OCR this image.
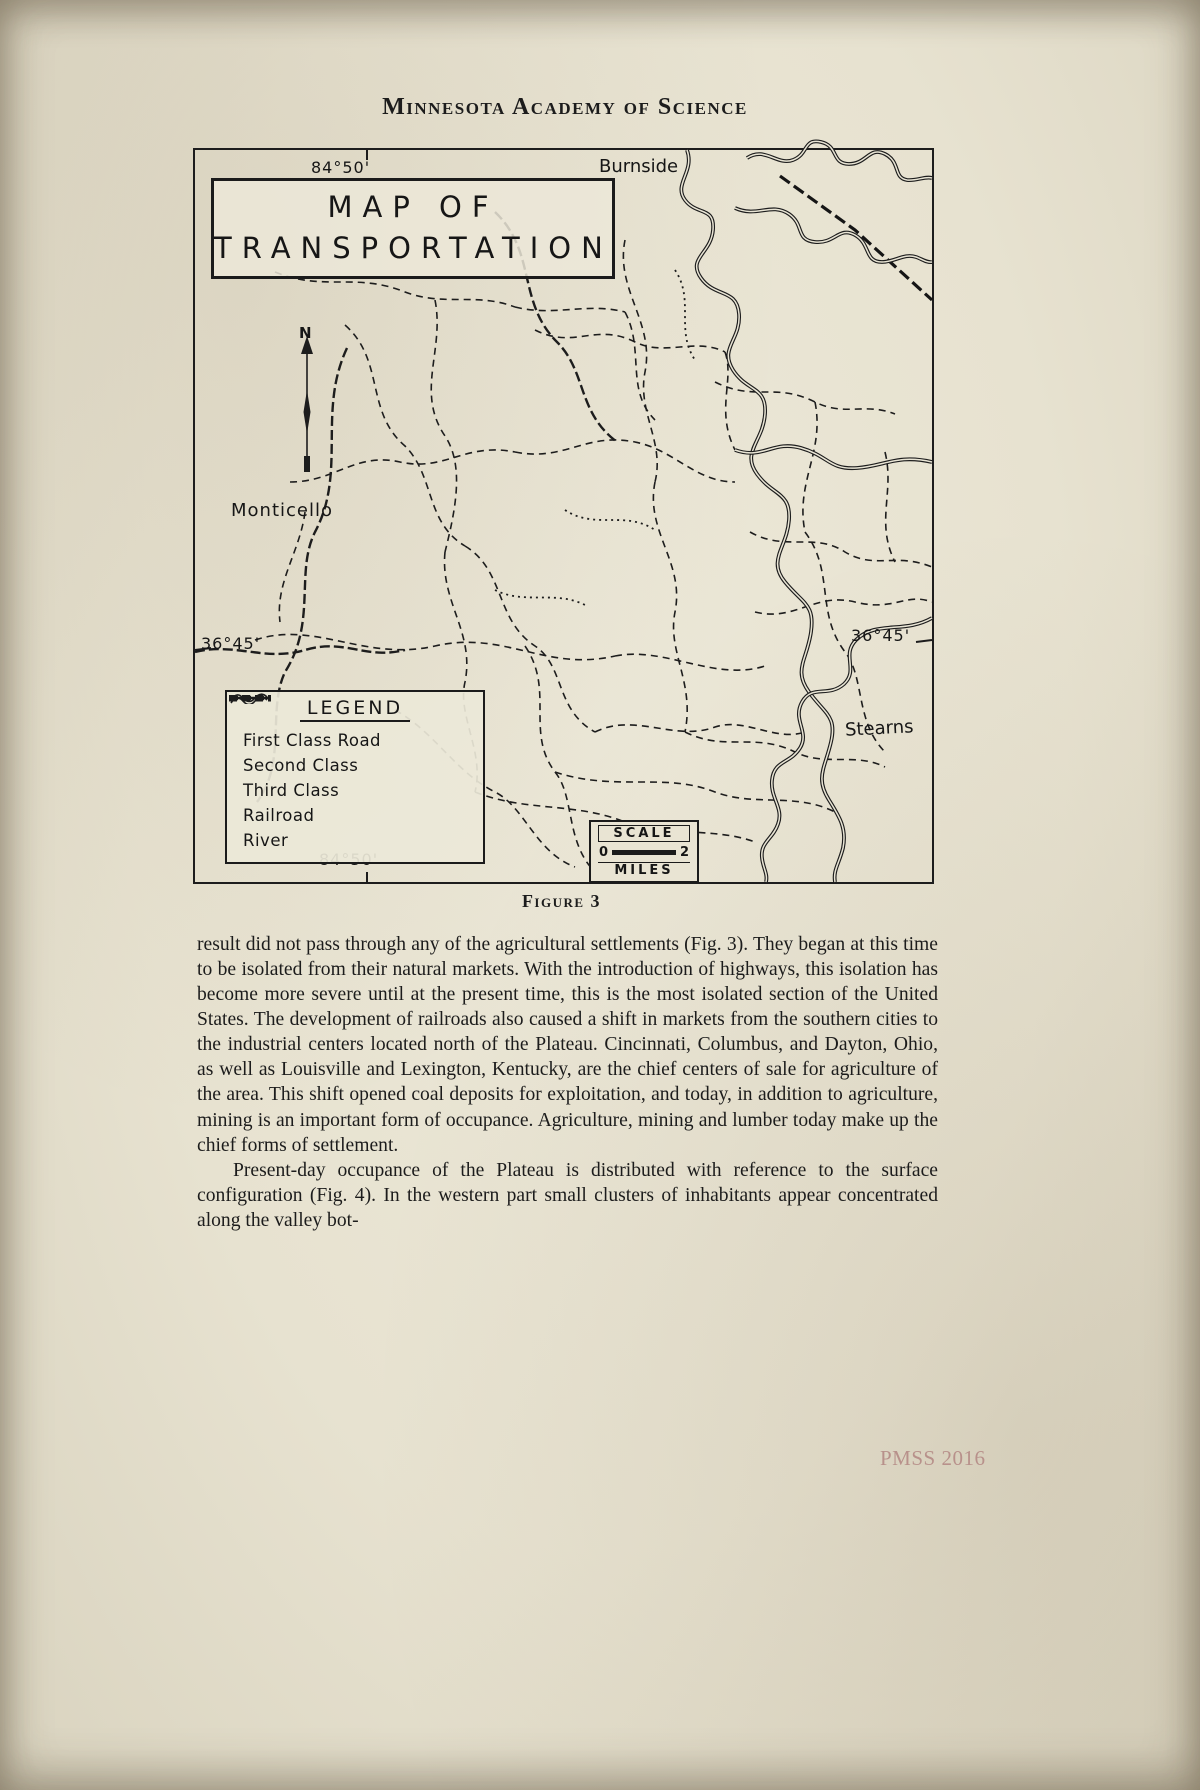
Minnesota Academy of Science
MAP OF
TRANSPORTATION
N
Burnside
Monticello
Stearns
84°50'
36°45'	36°45'
LEGEND
First Class Road
Second Class
Third Class
Railroad
River	SCALE
0	2
MILES
Figure 3

result did not pass through any of the agricultural settlements (Fig. 3). They began at this time to be isolated from their natural markets. With the introduction of highways, this isolation has become more severe until at the present time, this is the most isolated section of the United States. The development of railroads also caused a shift in markets from the southern cities to the industrial centers located north of the Plateau. Cincinnati, Columbus, and Dayton, Ohio, as well as Louisville and Lexington, Kentucky, are the chief centers of sale for agriculture of the area. This shift opened coal deposits for exploitation, and today, in addition to agriculture, mining is an important form of occupance. Agriculture, mining and lumber today make up the chief forms of settlement.

Present-day occupance of the Plateau is distributed with reference to the surface configuration (Fig. 4). In the western part small clusters of inhabitants appear concentrated along the valley bot-

PMSS 2016
